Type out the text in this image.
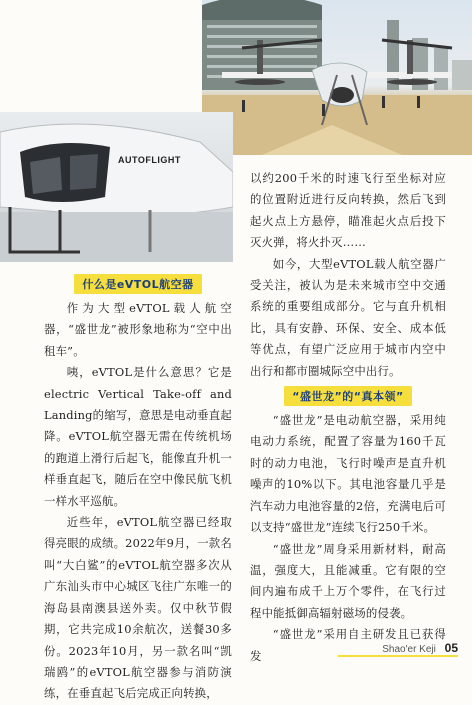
AUTOFLIGHT
什么是eVTOL航空器

作为大型eVTOL载人航空器，“盛世龙”被形象地称为“空中出租车”。

咦，eVTOL是什么意思？它是electric Vertical Take-off and Landing的缩写，意思是电动垂直起降。eVTOL航空器无需在传统机场的跑道上滑行后起飞，能像直升机一样垂直起飞，随后在空中像民航飞机一样水平巡航。

近些年，eVTOL航空器已经取得亮眼的成绩。2022年9月，一款名叫“大白鲨”的eVTOL航空器多次从广东汕头市中心城区飞往广东唯一的海岛县南澳县送外卖。仅中秋节假期，它共完成10余航次，送餐30多份。2023年10月，另一款名叫“凯瑞鸥”的eVTOL航空器参与消防演练，在垂直起飞后完成正向转换，

以约200千米的时速飞行至坐标对应的位置附近进行反向转换，然后飞到起火点上方悬停，瞄准起火点后投下灭火弹，将火扑灭……

如今，大型eVTOL载人航空器广受关注，被认为是未来城市空中交通系统的重要组成部分。它与直升机相比，具有安静、环保、安全、成本低等优点，有望广泛应用于城市内空中出行和都市圈城际空中出行。

“盛世龙”的“真本领”

“盛世龙”是电动航空器，采用纯电动力系统，配置了容量为160千瓦时的动力电池，飞行时噪声是直升机噪声的10%以下。其电池容量几乎是汽车动力电池容量的2倍，充满电后可以支持“盛世龙”连续飞行250千米。

“盛世龙”周身采用新材料，耐高温，强度大，且能减重。它有限的空间内遍布成千上万个零件，在飞行过程中能抵御高辐射磁场的侵袭。

“盛世龙”采用自主研发且已获得发	Shao'er Keji 05
